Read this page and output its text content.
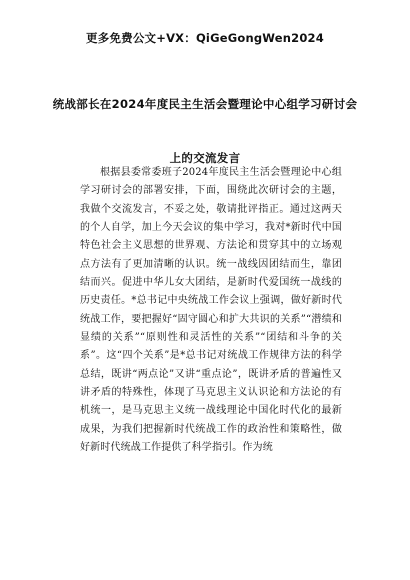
更多免费公文+VX：QiGeGongWen2024
统战部长在2024年度民主生活会暨理论中心组学习研讨会
上的交流发言

根据县委常委班子2024年度民主生活会暨理论中心组学习研讨会的部署安排，下面，围绕此次研讨会的主题，我做个交流发言，不妥之处，敬请批评指正。通过这两天的个人自学，加上今天会议的集中学习，我对*新时代中国特色社会主义思想的世界观、方法论和贯穿其中的立场观点方法有了更加清晰的认识。统一战线因团结而生，靠团结而兴。促进中华儿女大团结，是新时代爱国统一战线的历史责任。*总书记中央统战工作会议上强调，做好新时代统战工作，要把握好“固守圆心和扩大共识的关系”“潜绩和显绩的关系”“原则性和灵活性的关系”“团结和斗争的关系”。这“四个关系”是*总书记对统战工作规律方法的科学总结，既讲“两点论”又讲“重点论”，既讲矛盾的普遍性又讲矛盾的特殊性，体现了马克思主义认识论和方法论的有机统一，是马克思主义统一战线理论中国化时代化的最新成果，为我们把握新时代统战工作的政治性和策略性，做好新时代统战工作提供了科学指引。作为统
